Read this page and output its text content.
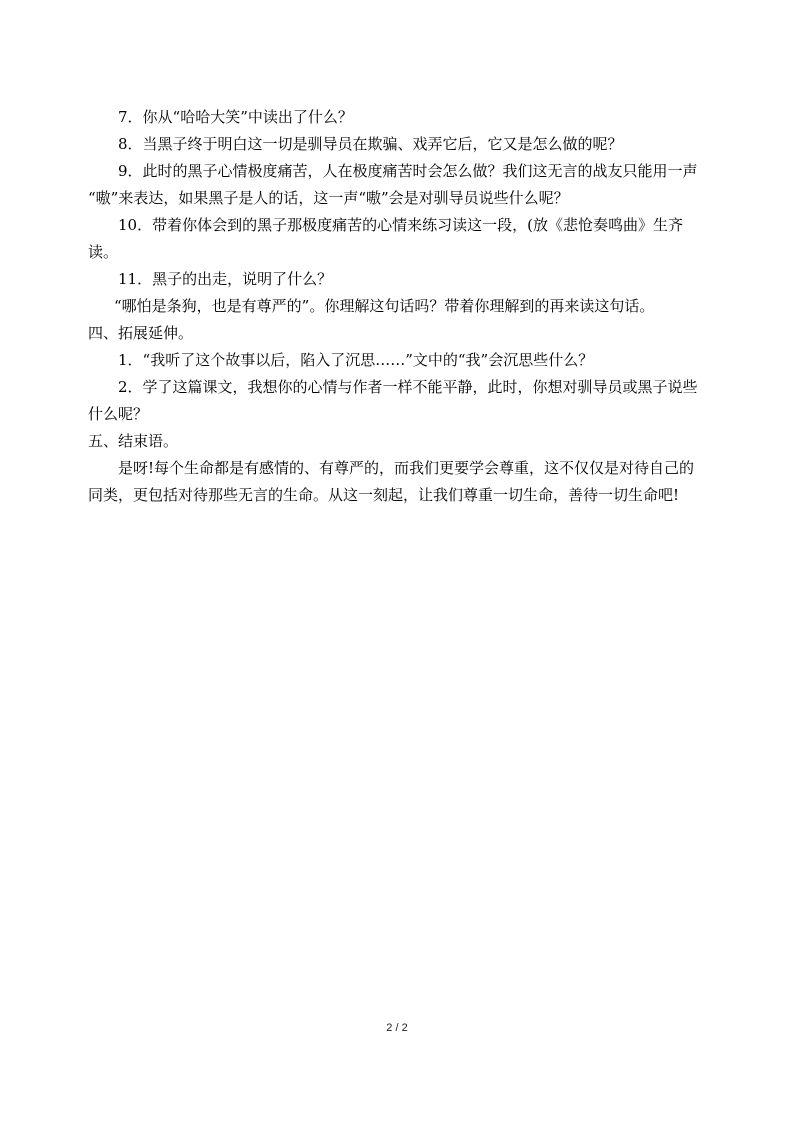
7．你从“哈哈大笑”中读出了什么？
8．当黑子终于明白这一切是驯导员在欺骗、戏弄它后，它又是怎么做的呢？
9．此时的黑子心情极度痛苦，人在极度痛苦时会怎么做？我们这无言的战友只能用一声
“嗷”来表达，如果黑子是人的话，这一声“嗷”会是对驯导员说些什么呢？
10．带着你体会到的黑子那极度痛苦的心情来练习读这一段，(放《悲怆奏鸣曲》生齐
读。
11．黑子的出走，说明了什么？
“哪怕是条狗，也是有尊严的”。你理解这句话吗？带着你理解到的再来读这句话。
四、拓展延伸。
1．“我听了这个故事以后，陷入了沉思……”文中的“我”会沉思些什么？
2．学了这篇课文，我想你的心情与作者一样不能平静，此时，你想对驯导员或黑子说些
什么呢？
五、结束语。
是呀!每个生命都是有感情的、有尊严的，而我们更要学会尊重，这不仅仅是对待自己的
同类，更包括对待那些无言的生命。从这一刻起，让我们尊重一切生命，善待一切生命吧!
2 / 2
